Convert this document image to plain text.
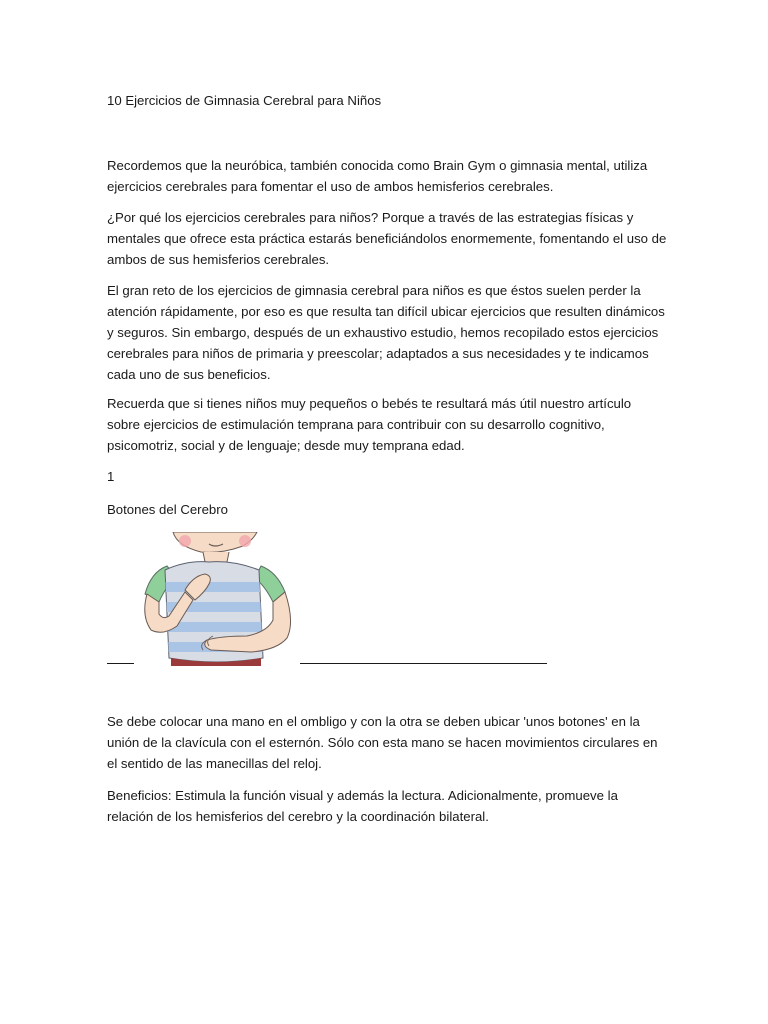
10 Ejercicios de Gimnasia Cerebral para Niños

Recordemos que la neuróbica, también conocida como Brain Gym o gimnasia mental, utiliza ejercicios cerebrales para fomentar el uso de ambos hemisferios cerebrales.

¿Por qué los ejercicios cerebrales para niños? Porque a través de las estrategias físicas y mentales que ofrece esta práctica estarás beneficiándolos enormemente, fomentando el uso de ambos de sus hemisferios cerebrales.

El gran reto de los ejercicios de gimnasia cerebral para niños es que éstos suelen perder la atención rápidamente, por eso es que resulta tan difícil ubicar ejercicios que resulten dinámicos y seguros. Sin embargo, después de un exhaustivo estudio, hemos recopilado estos ejercicios cerebrales para niños de primaria y preescolar; adaptados a sus necesidades y te indicamos cada uno de sus beneficios.

Recuerda que si tienes niños muy pequeños o bebés te resultará más útil nuestro artículo sobre ejercicios de estimulación temprana para contribuir con su desarrollo cognitivo, psicomotriz, social y de lenguaje; desde muy temprana edad.

1
Botones del Cerebro

Se debe colocar una mano en el ombligo y con la otra se deben ubicar 'unos botones' en la unión de la clavícula con el esternón. Sólo con esta mano se hacen movimientos circulares en el sentido de las manecillas del reloj.

Beneficios: Estimula la función visual y además la lectura. Adicionalmente, promueve la relación de los hemisferios del cerebro y la coordinación bilateral.
